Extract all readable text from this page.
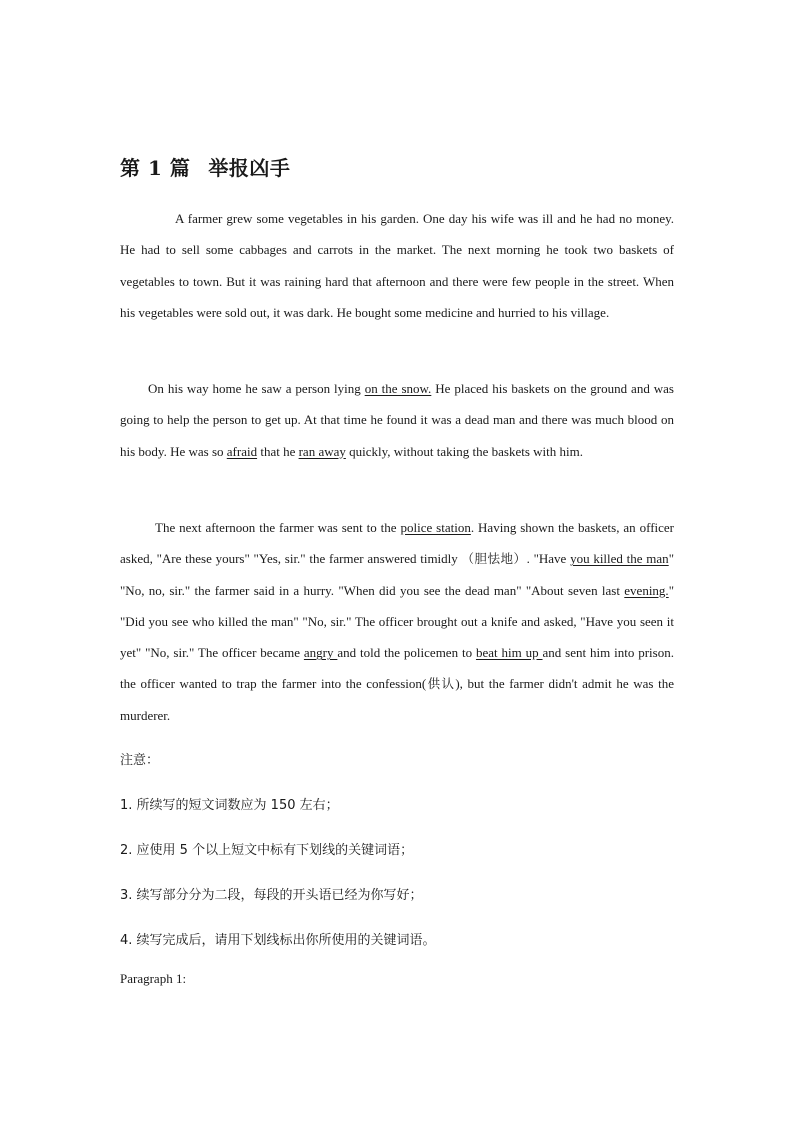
第 1 篇 举报凶手
A farmer grew some vegetables in his garden. One day his wife was ill and he had no money. He had to sell some cabbages and carrots in the market. The next morning he took two baskets of vegetables to town. But it was raining hard that afternoon and there were few people in the street. When his vegetables were sold out, it was dark. He bought some medicine and hurried to his village.
On his way home he saw a person lying on the snow. He placed his baskets on the ground and was going to help the person to get up. At that time he found it was a dead man and there was much blood on his body. He was so afraid that he ran away quickly, without taking the baskets with him.
The next afternoon the farmer was sent to the police station. Having shown the baskets, an officer asked, "Are these yours" "Yes, sir." the farmer answered timidly （胆怯地）. "Have you killed the man" "No, no, sir." the farmer said in a hurry. "When did you see the dead man" "About seven last evening." "Did you see who killed the man" "No, sir." The officer brought out a knife and asked, "Have you seen it yet" "No, sir." The officer became angry and told the policemen to beat him up and sent him into prison. the officer wanted to trap the farmer into the confession(供认), but the farmer didn't admit he was the murderer.
注意：
1. 所续写的短文词数应为 150 左右；
2. 应使用 5 个以上短文中标有下划线的关键词语；
3. 续写部分分为二段，每段的开头语已经为你写好；
4. 续写完成后，请用下划线标出你所使用的关键词语。
Paragraph 1:
